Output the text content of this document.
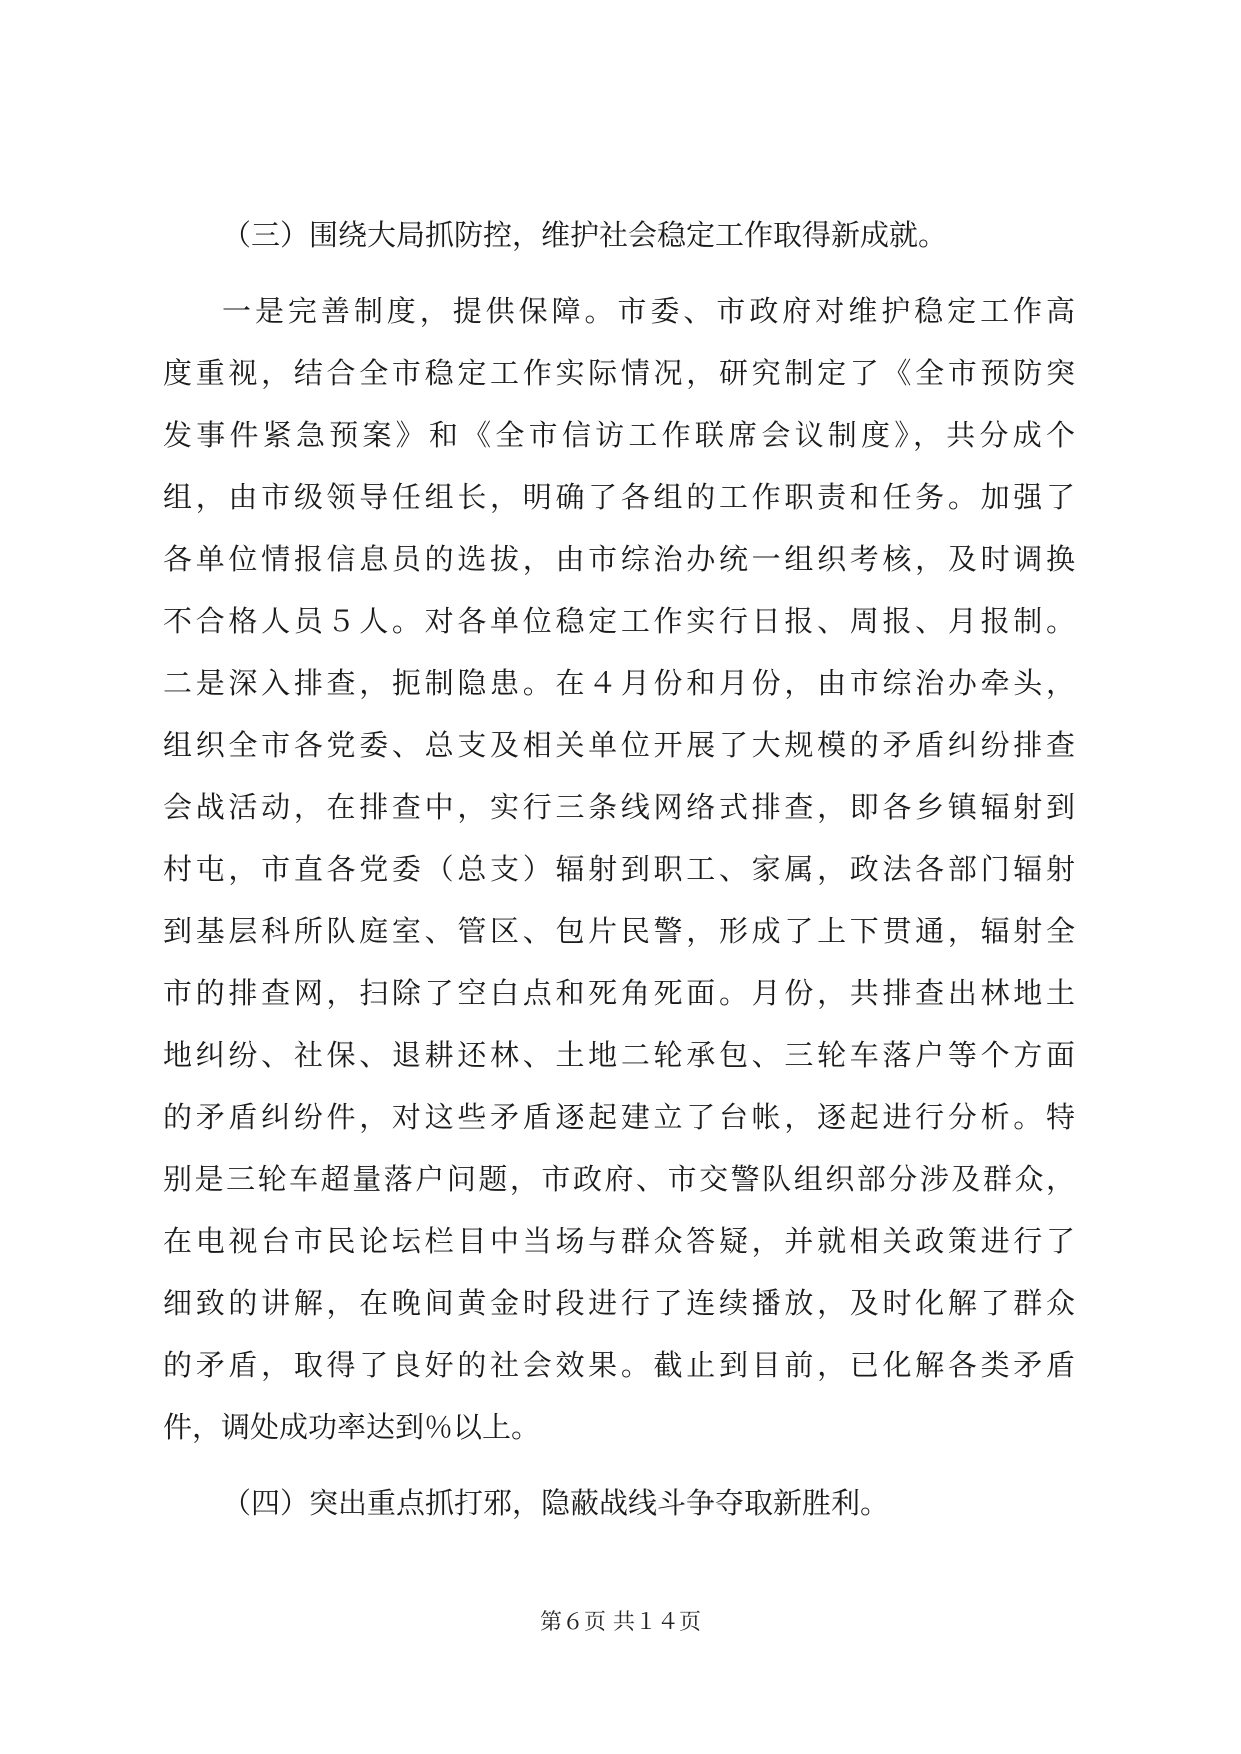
（三）围绕大局抓防控，维护社会稳定工作取得新成就。
一是完善制度，提供保障。市委、市政府对维护稳定工作高
度重视，结合全市稳定工作实际情况，研究制定了《全市预防突
发事件紧急预案》和《全市信访工作联席会议制度》，共分成个
组，由市级领导任组长，明确了各组的工作职责和任务。加强了
各单位情报信息员的选拔，由市综治办统一组织考核，及时调换
不合格人员５人。对各单位稳定工作实行日报、周报、月报制。
二是深入排查，扼制隐患。在４月份和月份，由市综治办牵头，
组织全市各党委、总支及相关单位开展了大规模的矛盾纠纷排查
会战活动，在排查中，实行三条线网络式排查，即各乡镇辐射到
村屯，市直各党委（总支）辐射到职工、家属，政法各部门辐射
到基层科所队庭室、管区、包片民警，形成了上下贯通，辐射全
市的排查网，扫除了空白点和死角死面。月份，共排查出林地土
地纠纷、社保、退耕还林、土地二轮承包、三轮车落户等个方面
的矛盾纠纷件，对这些矛盾逐起建立了台帐，逐起进行分析。特
别是三轮车超量落户问题，市政府、市交警队组织部分涉及群众，
在电视台市民论坛栏目中当场与群众答疑，并就相关政策进行了
细致的讲解，在晚间黄金时段进行了连续播放，及时化解了群众
的矛盾，取得了良好的社会效果。截止到目前，已化解各类矛盾
件，调处成功率达到％以上。
（四）突出重点抓打邪，隐蔽战线斗争夺取新胜利。
第６页 共１４页
